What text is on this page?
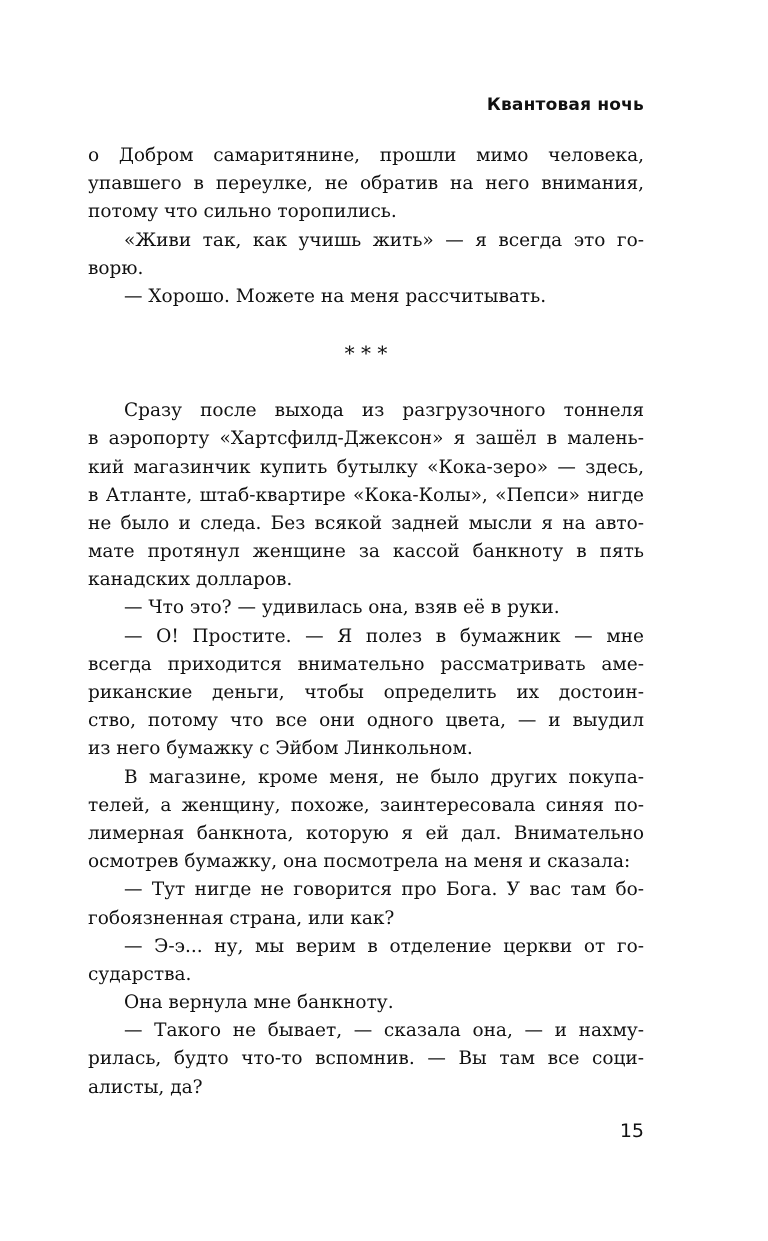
Квантовая ночь
о Добром самаритянине, прошли мимо человека,
упавшего в переулке, не обратив на него внимания,
потому что сильно торопились.
«Живи так, как учишь жить» — я всегда это го-
ворю.
— Хорошо. Можете на меня рассчитывать.
* * *
Сразу после выхода из разгрузочного тоннеля
в аэропорту «Хартсфилд-Джексон» я зашёл в малень-
кий магазинчик купить бутылку «Кока-зеро» — здесь,
в Атланте, штаб-квартире «Кока-Колы», «Пепси» нигде
не было и следа. Без всякой задней мысли я на авто-
мате протянул женщине за кассой банкноту в пять
канадских долларов.
— Что это? — удивилась она, взяв её в руки.
— О! Простите. — Я полез в бумажник — мне
всегда приходится внимательно рассматривать аме-
риканские деньги, чтобы определить их достоин-
ство, потому что все они одного цвета, — и выудил
из него бумажку с Эйбом Линкольном.
В магазине, кроме меня, не было других покупа-
телей, а женщину, похоже, заинтересовала синяя по-
лимерная банкнота, которую я ей дал. Внимательно
осмотрев бумажку, она посмотрела на меня и сказала:
— Тут нигде не говорится про Бога. У вас там бо-
гобоязненная страна, или как?
— Э-э... ну, мы верим в отделение церкви от го-
сударства.
Она вернула мне банкноту.
— Такого не бывает, — сказала она, — и нахму-
рилась, будто что-то вспомнив. — Вы там все соци-
алисты, да?
15
